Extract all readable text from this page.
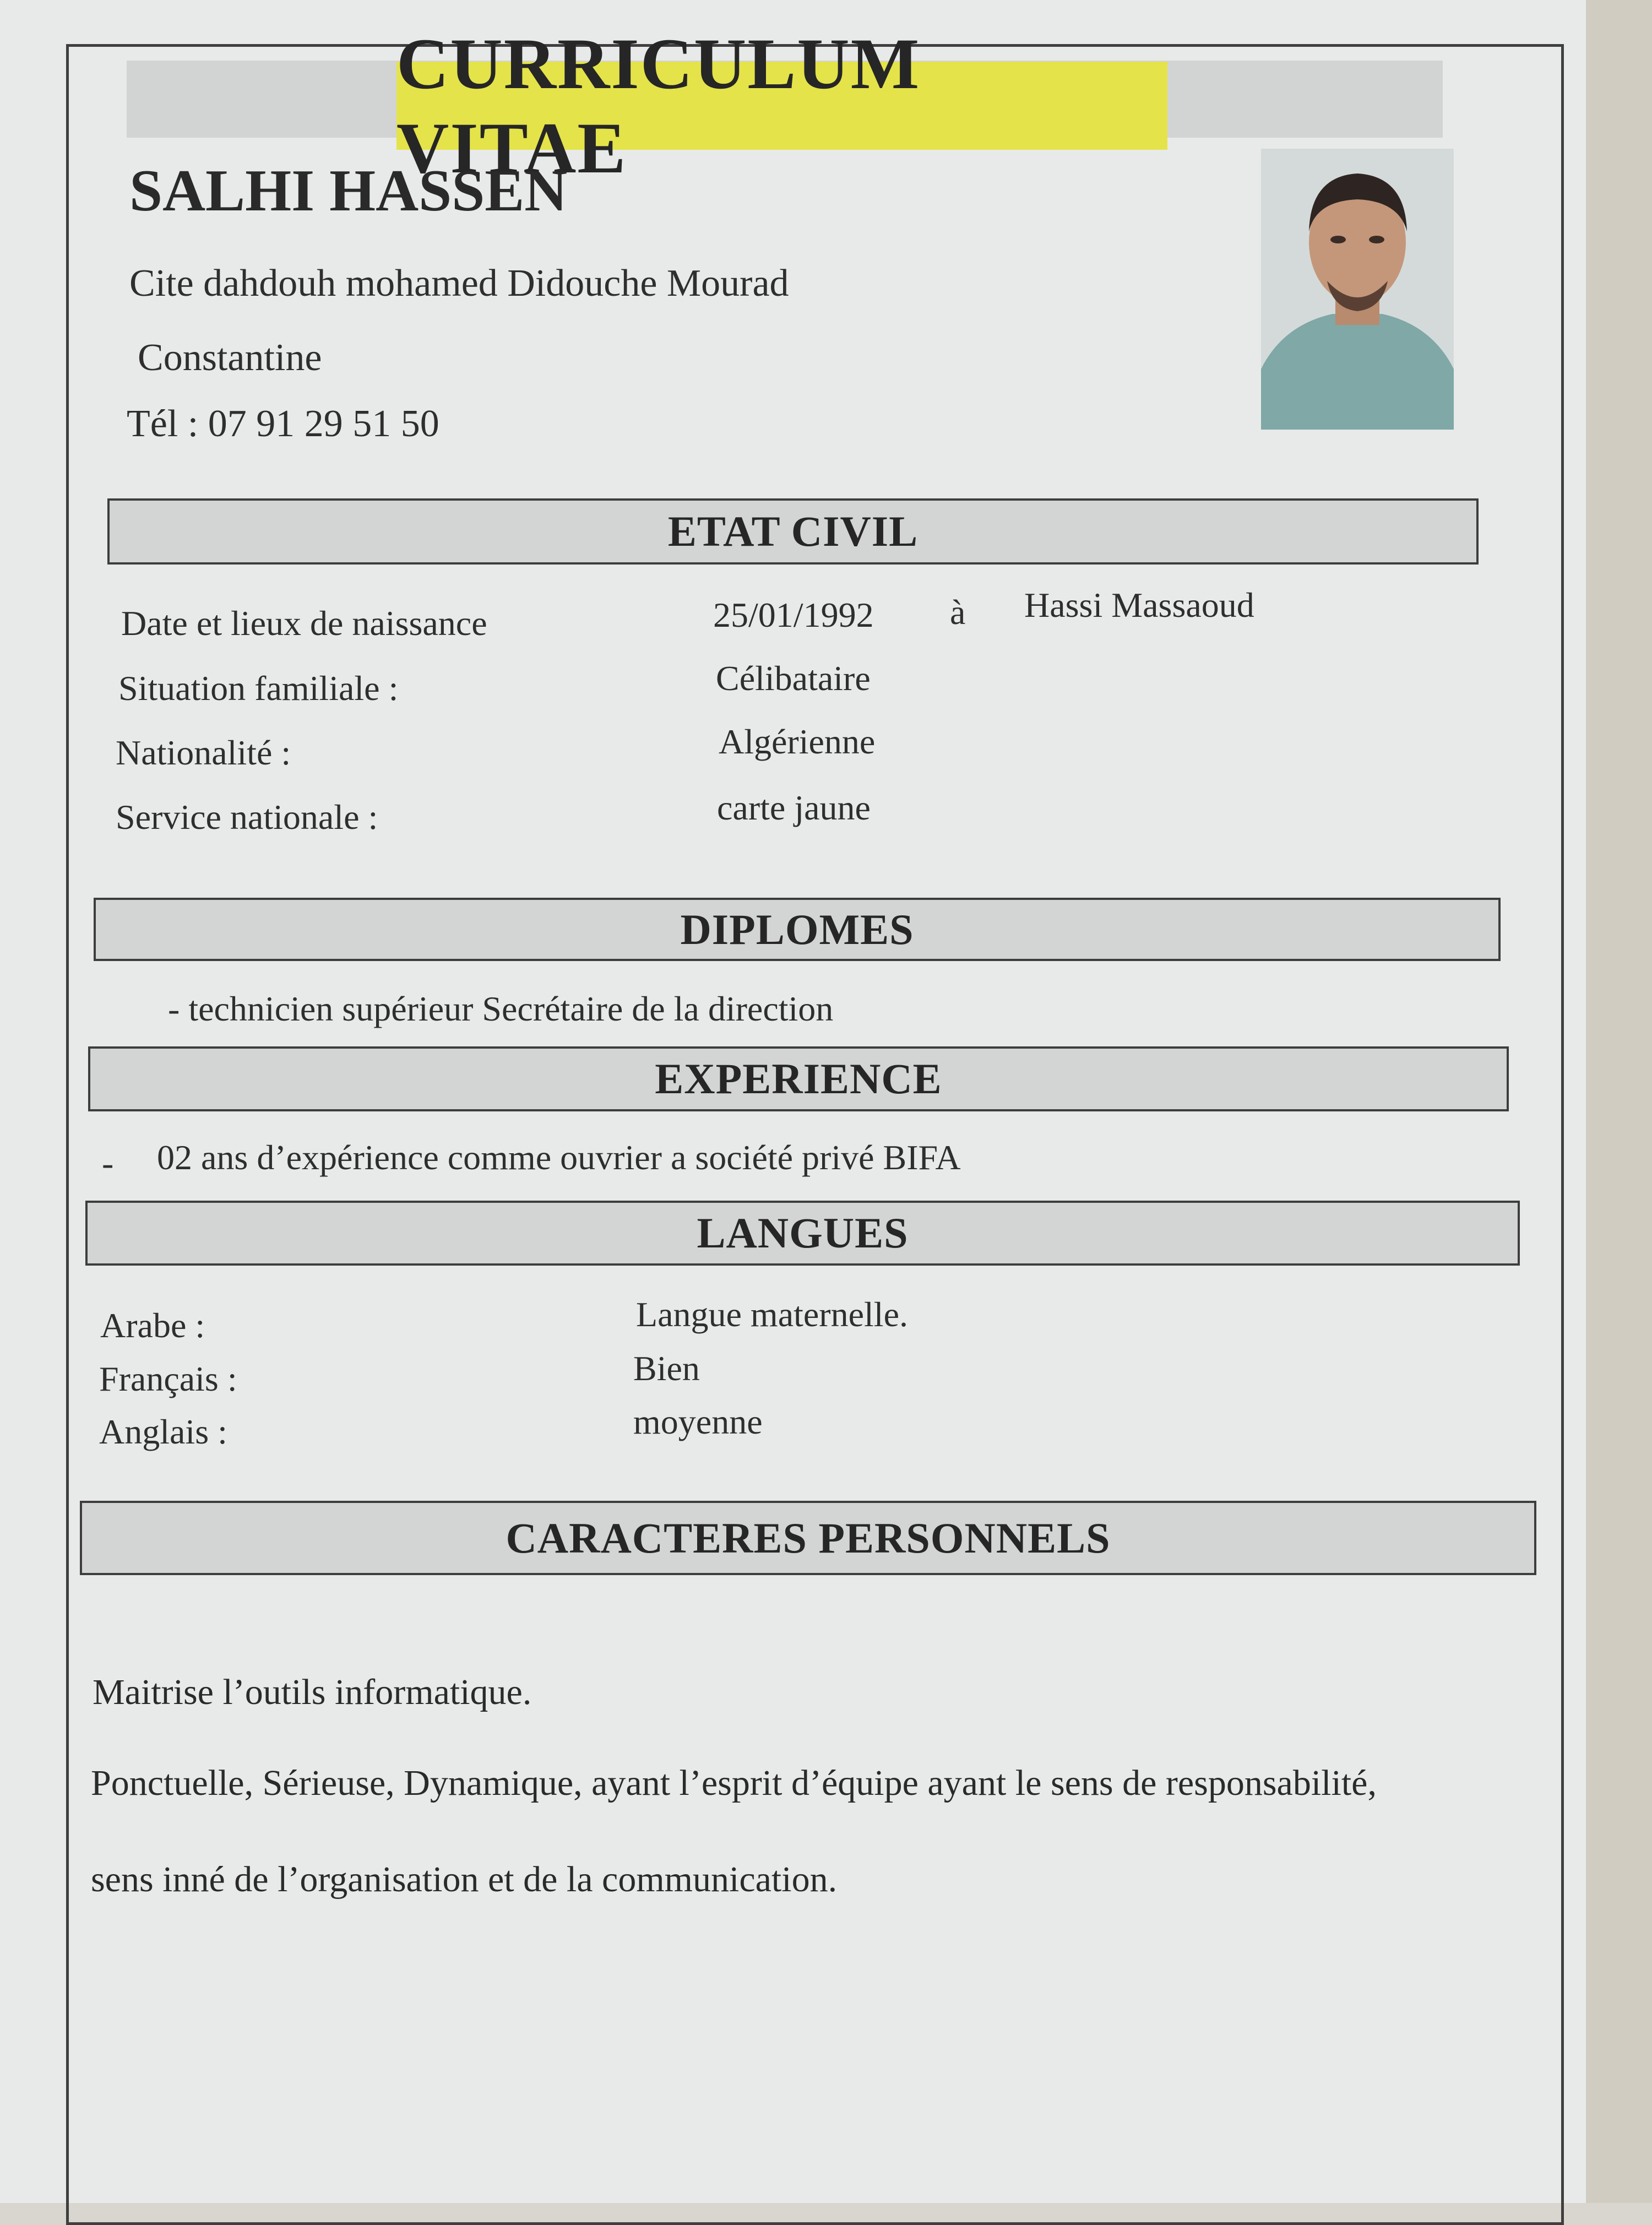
CURRICULUM VITAE
SALHI HASSEN
Cite dahdouh mohamed Didouche Mourad
Constantine
Tél : 07 91 29 51 50
ETAT CIVIL
Date et lieux de naissance	25/01/1992 à Hassi Massaoud
Situation familiale :	Célibataire
Nationalité :	Algérienne
Service nationale :	carte jaune
DIPLOMES
- technicien supérieur Secrétaire de la direction
EXPERIENCE
- 02 ans d’expérience comme ouvrier a société privé BIFA
LANGUES
Arabe :	Langue maternelle.
Français :	Bien
Anglais :	moyenne
CARACTERES PERSONNELS
Maitrise l’outils informatique.
Ponctuelle, Sérieuse, Dynamique, ayant l’esprit d’équipe ayant le sens de responsabilité,
sens inné de l’organisation et de la communication.
